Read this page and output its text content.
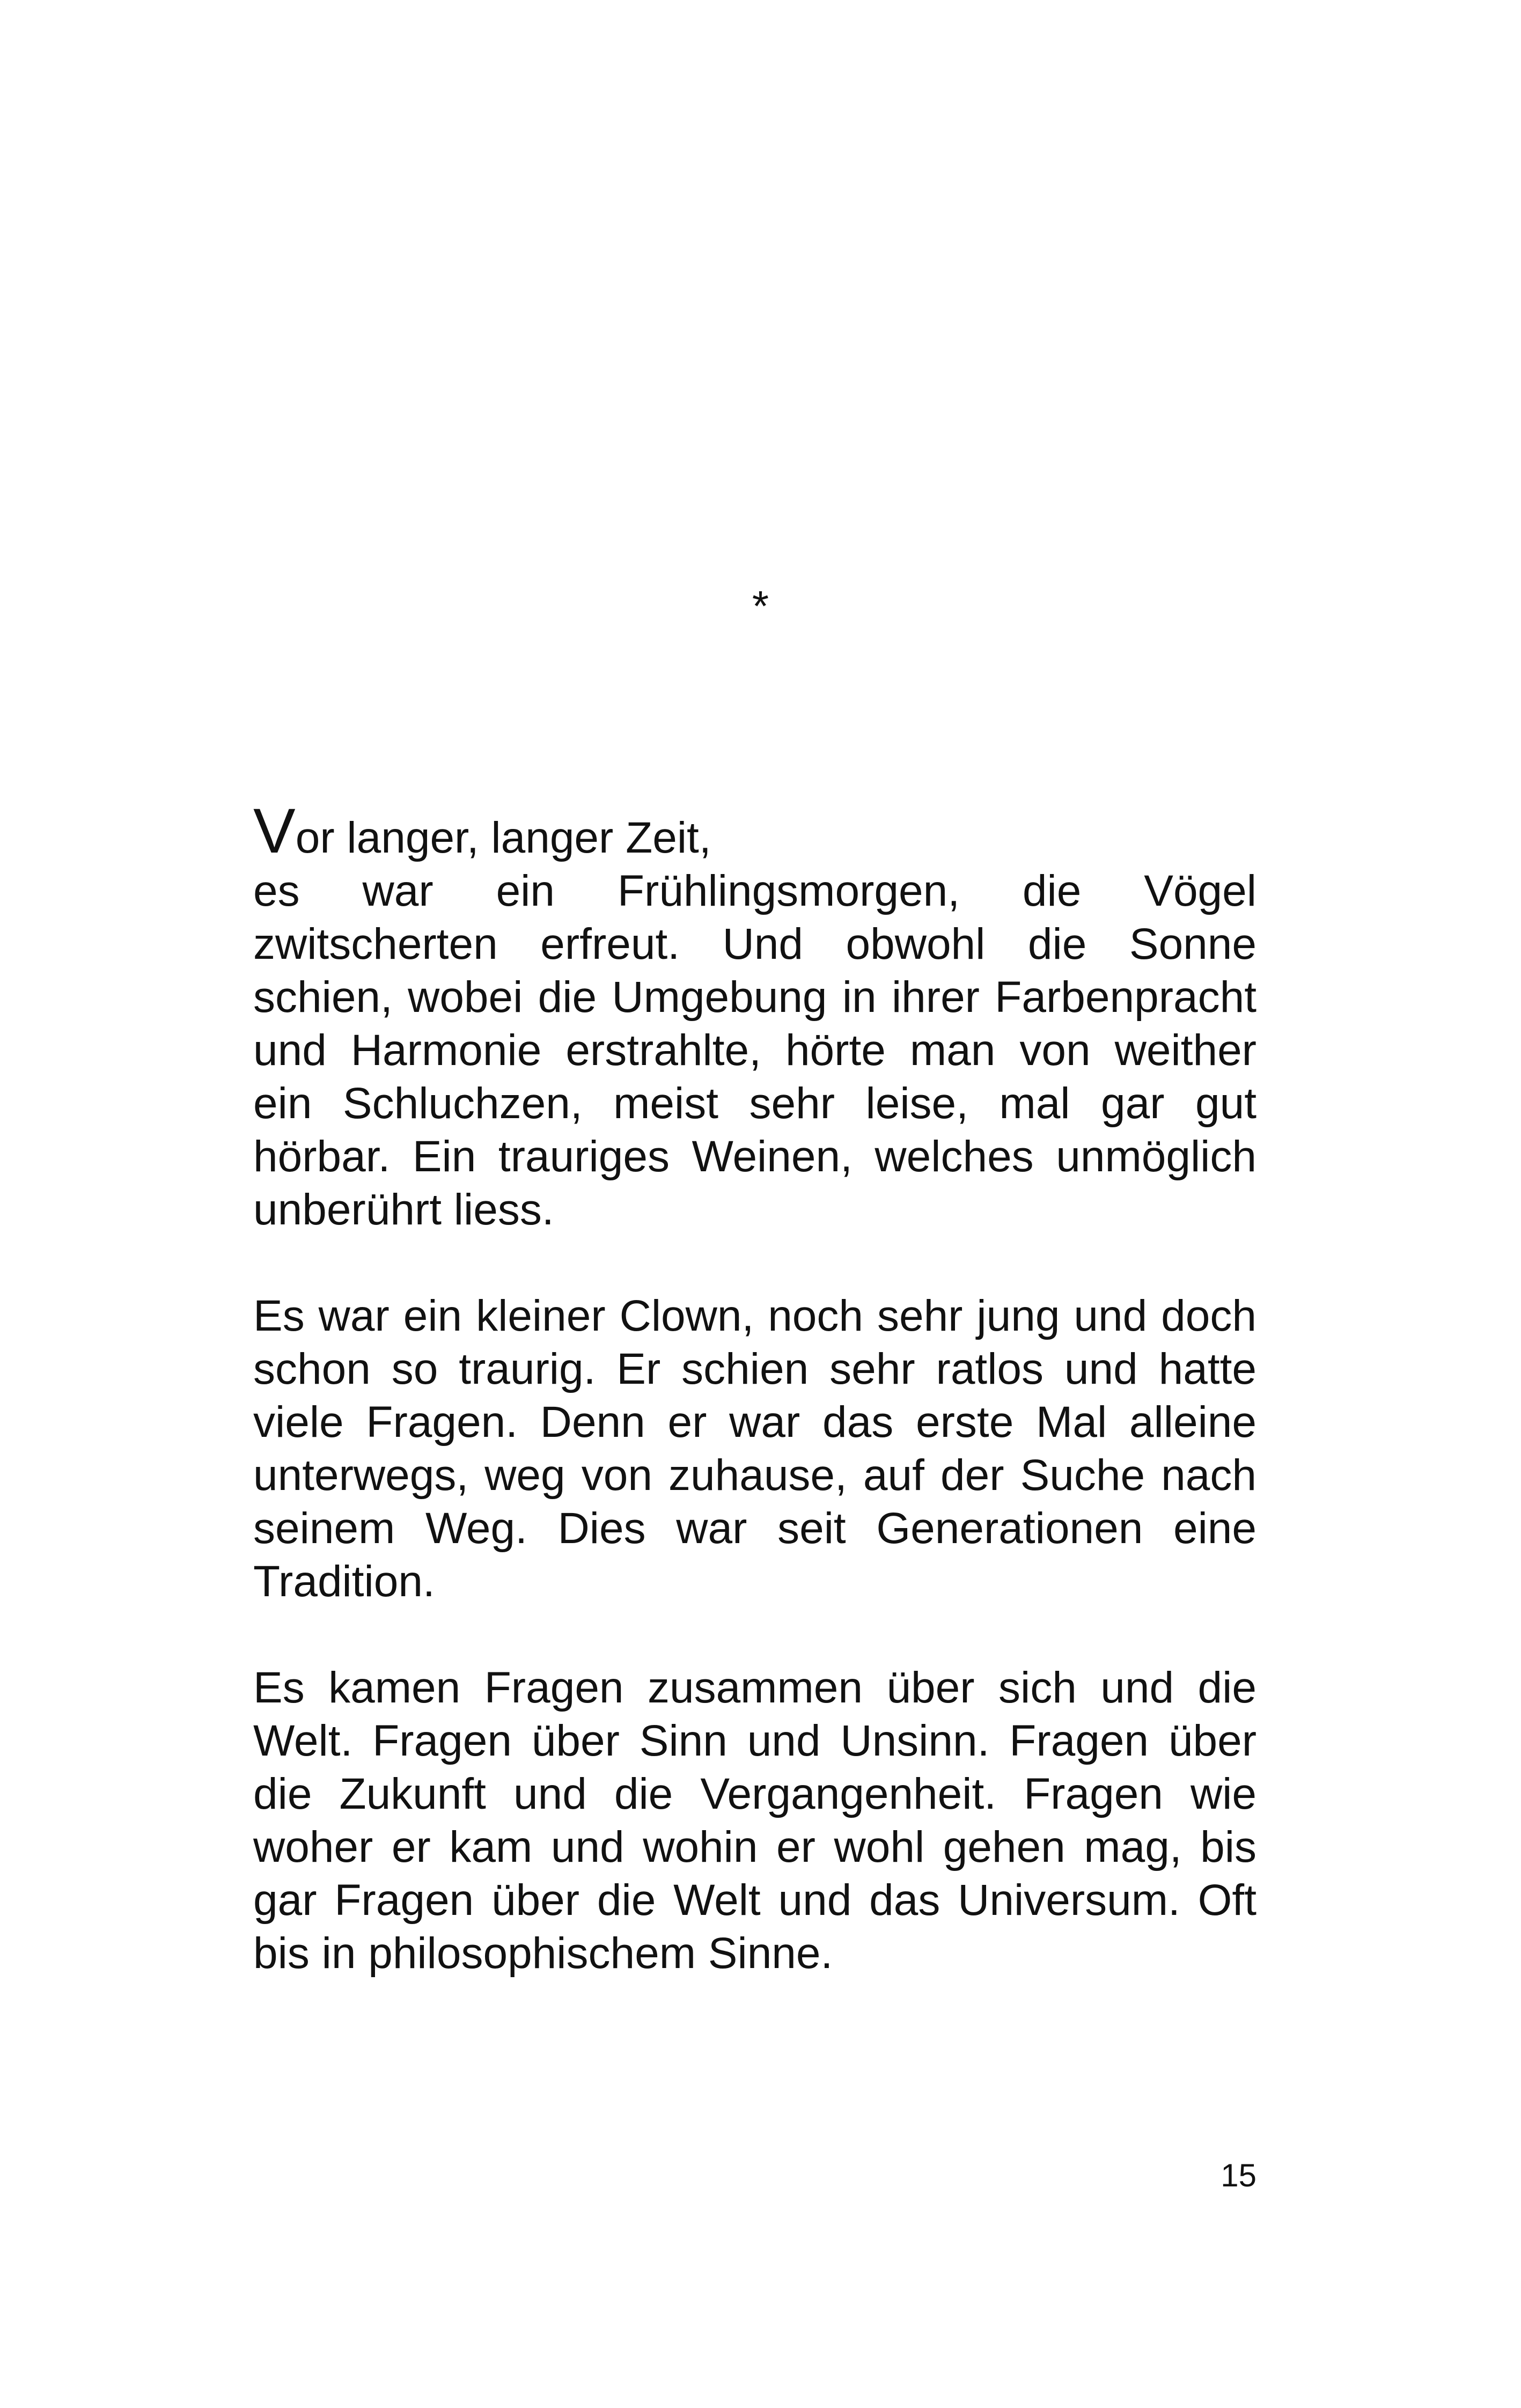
*
Vor langer, langer Zeit,
es war ein Frühlingsmorgen, die Vögel
zwitscherten erfreut. Und obwohl die Sonne
schien, wobei die Umgebung in ihrer Farbenpracht
und Harmonie erstrahlte, hörte man von weither
ein Schluchzen, meist sehr leise, mal gar gut
hörbar. Ein trauriges Weinen, welches unmöglich
unberührt liess.
Es war ein kleiner Clown, noch sehr jung und doch
schon so traurig. Er schien sehr ratlos und hatte
viele Fragen. Denn er war das erste Mal alleine
unterwegs, weg von zuhause, auf der Suche nach
seinem Weg. Dies war seit Generationen eine
Tradition.
Es kamen Fragen zusammen über sich und die
Welt. Fragen über Sinn und Unsinn. Fragen über
die Zukunft und die Vergangenheit. Fragen wie
woher er kam und wohin er wohl gehen mag, bis
gar Fragen über die Welt und das Universum. Oft
bis in philosophischem Sinne.
15
